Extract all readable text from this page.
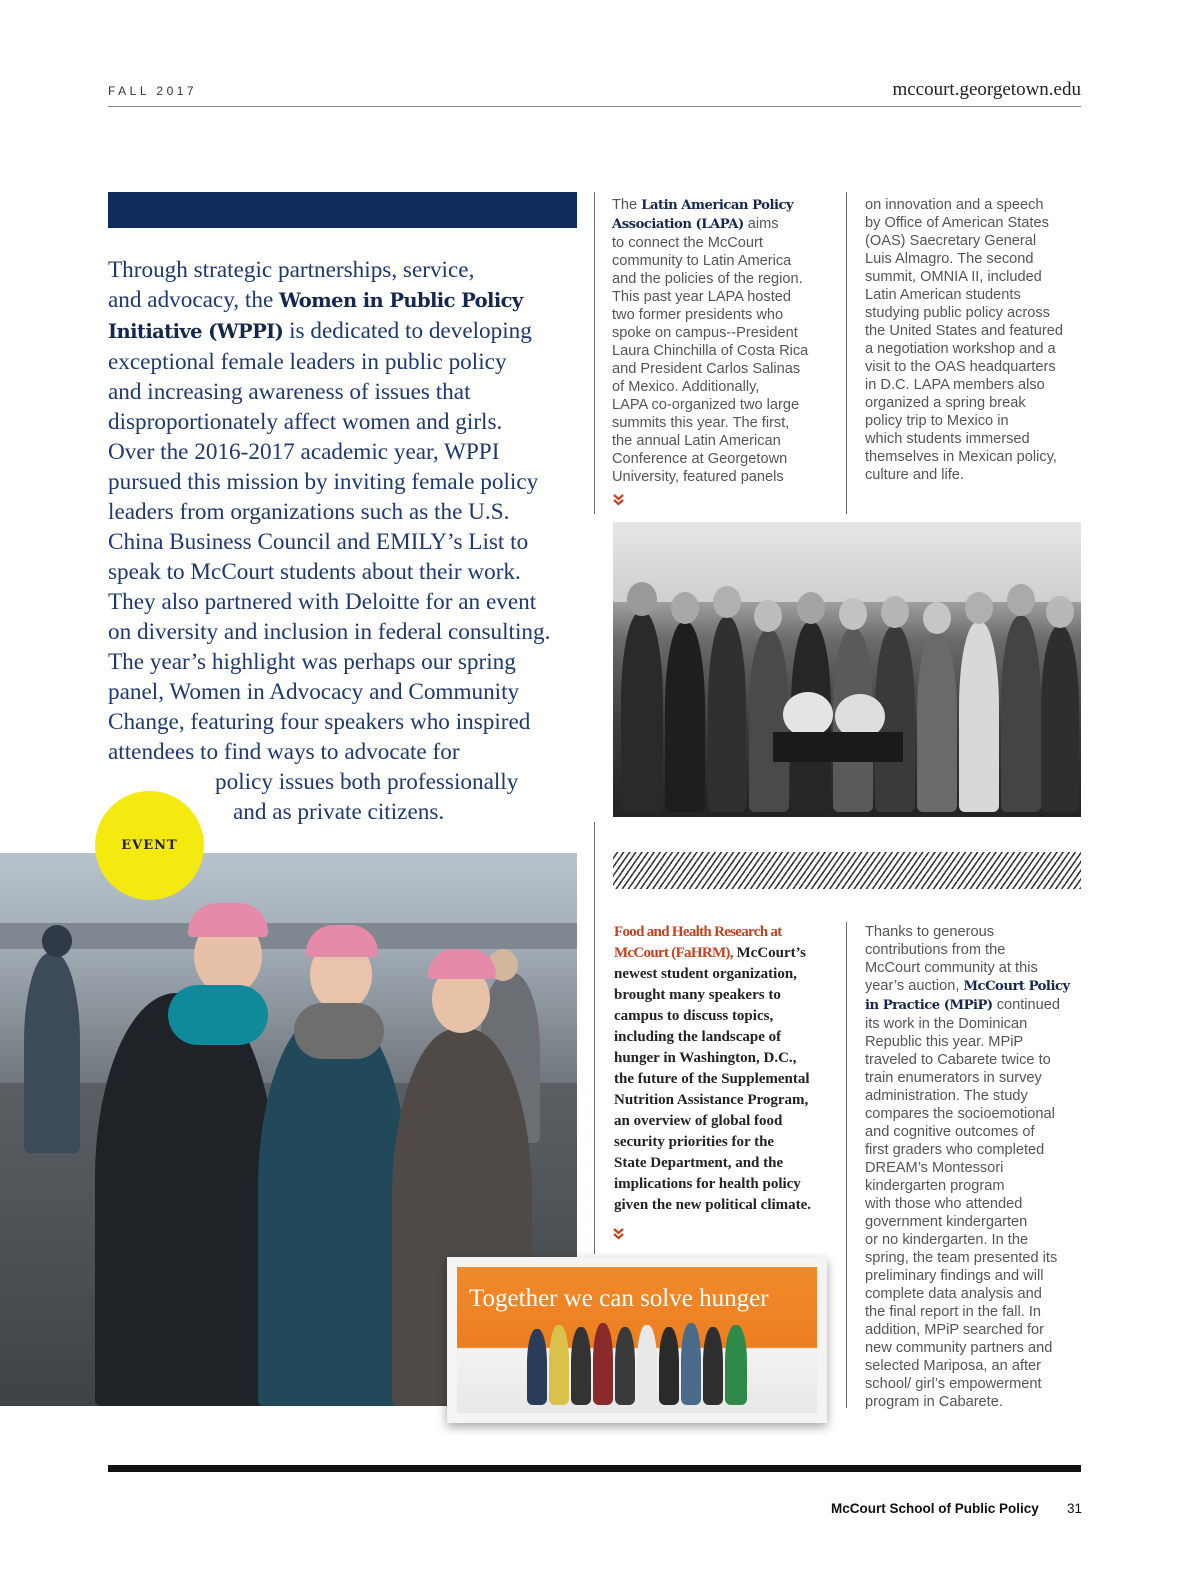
FALL 2017	mccourt.georgetown.edu
Through strategic partnerships, service,
and advocacy, the Women in Public Policy
Initiative (WPPI) is dedicated to developing
exceptional female leaders in public policy
and increasing awareness of issues that
disproportionately affect women and girls.
Over the 2016-2017 academic year, WPPI
pursued this mission by inviting female policy
leaders from organizations such as the U.S.
China Business Council and EMILY’s List to
speak to McCourt students about their work.
They also partnered with Deloitte for an event
on diversity and inclusion in federal consulting.
The year’s highlight was perhaps our spring
panel, Women in Advocacy and Community
Change, featuring four speakers who inspired
attendees to find ways to advocate for
policy issues both professionally
and as private citizens.
The Latin American Policy
Association (LAPA) aims
to connect the McCourt
community to Latin America
and the policies of the region.
This past year LAPA hosted
two former presidents who
spoke on campus--President
Laura Chinchilla of Costa Rica
and President Carlos Salinas
of Mexico. Additionally,
LAPA co-organized two large
summits this year. The first,
the annual Latin American
Conference at Georgetown
University, featured panels
on innovation and a speech
by Office of American States
(OAS) Saecretary General
Luis Almagro. The second
summit, OMNIA II, included
Latin American students
studying public policy across
the United States and featured
a negotiation workshop and a
visit to the OAS headquarters
in D.C. LAPA members also
organized a spring break
policy trip to Mexico in
which students immersed
themselves in Mexican policy,
culture and life.
EVENT
Food and Health Research at
McCourt (FaHRM), McCourt’s
newest student organization,
brought many speakers to
campus to discuss topics,
including the landscape of
hunger in Washington, D.C.,
the future of the Supplemental
Nutrition Assistance Program,
an overview of global food
security priorities for the
State Department, and the
implications for health policy
given the new political climate.
Thanks to generous
contributions from the
McCourt community at this
year’s auction, McCourt Policy
in Practice (MPiP) continued
its work in the Dominican
Republic this year. MPiP
traveled to Cabarete twice to
train enumerators in survey
administration. The study
compares the socioemotional
and cognitive outcomes of
first graders who completed
DREAM’s Montessori
kindergarten program
with those who attended
government kindergarten
or no kindergarten. In the
spring, the team presented its
preliminary findings and will
complete data analysis and
the final report in the fall. In
addition, MPiP searched for
new community partners and
selected Mariposa, an after
school/ girl’s empowerment
program in Cabarete.
Together we can solve hunger
McCourt School of Public Policy 31
